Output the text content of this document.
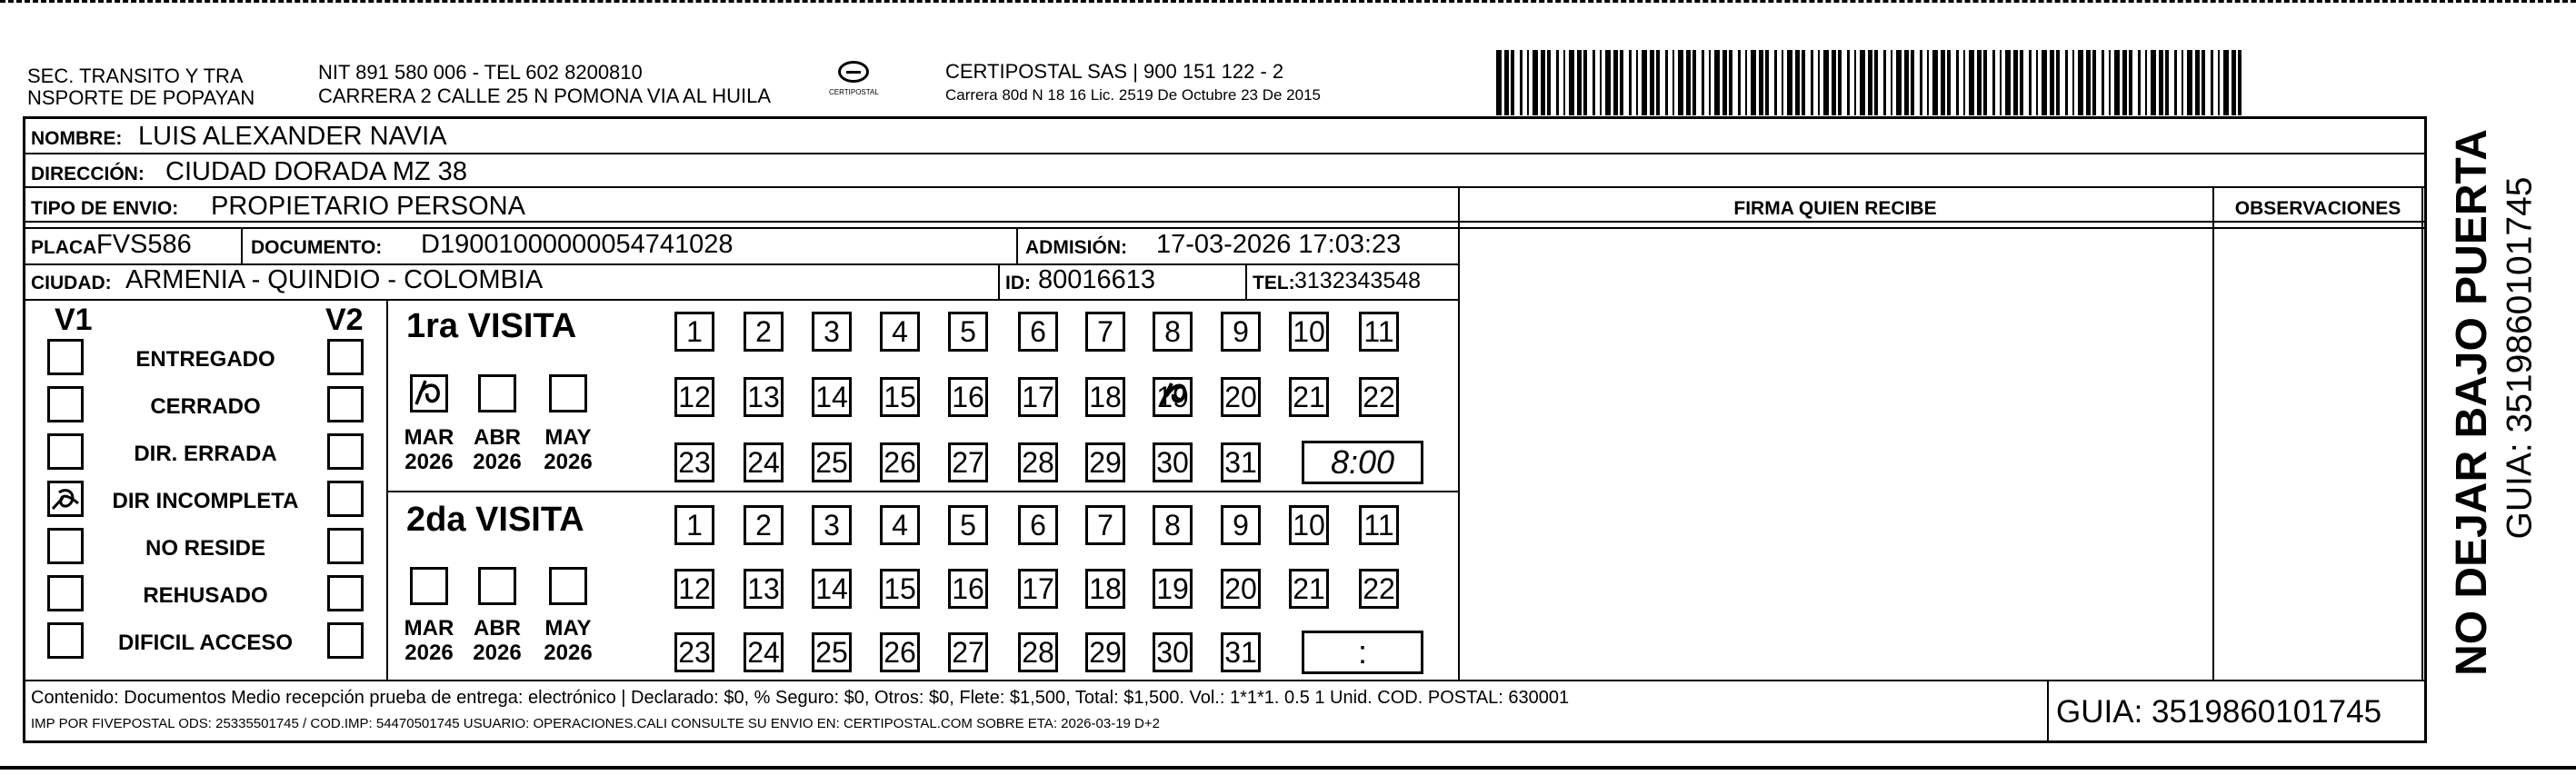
SEC. TRANSITO Y TRA
NSPORTE DE POPAYAN
NIT 891 580 006 - TEL 602 8200810
CARRERA 2 CALLE 25 N POMONA VIA AL HUILA	CERTIPOSTAL
CERTIPOSTAL SAS | 900 151 122 - 2
Carrera 80d N 18 16 Lic. 2519 De Octubre 23 De 2015
NOMBRE: LUIS ALEXANDER NAVIA
DIRECCIÓN: CIUDAD DORADA MZ 38
TIPO DE ENVIO: PROPIETARIO PERSONA	FIRMA QUIEN RECIBE	OBSERVACIONES
PLACA:
FVS586	DOCUMENTO: D19001000000054741028	ADMISIÓN: 17-03-2026 17:03:23
CIUDAD: ARMENIA - QUINDIO - COLOMBIA	ID: 80016613	TEL: 3132343548
V1	V2
ENTREGADO
CERRADO
DIR. ERRADA
DIR INCOMPLETA
NO RESIDE
REHUSADO
DIFICIL ACCESO
1ra VISITA
2da VISITA
1	2	3	4	5	6	7	8	9	10 11
12 13 14 15 16 17 18 19 20 21 22
23 24 25 26 27 28 29 30 31	8:00
MAR
2026
ABR
2026
MAY
2026
1	2	3	4	5	6	7	8	9	10 11
12 13 14 15 16 17 18 19 20 21 22
23 24 25 26 27 28 29 30 31	:
MAR
2026
ABR
2026
MAY
2026
Contenido: Documentos Medio recepción prueba de entrega: electrónico | Declarado: $0, % Seguro: $0, Otros: $0, Flete: $1,500, Total: $1,500. Vol.: 1*1*1. 0.5 1 Unid. COD. POSTAL: 630001
IMP POR FIVEPOSTAL ODS: 25335501745 / COD.IMP: 54470501745 USUARIO: OPERACIONES.CALI CONSULTE SU ENVIO EN: CERTIPOSTAL.COM SOBRE ETA: 2026-03-19 D+2	GUIA: 3519860101745
NO DEJAR BAJO PUERTA GUIA: 3519860101745
